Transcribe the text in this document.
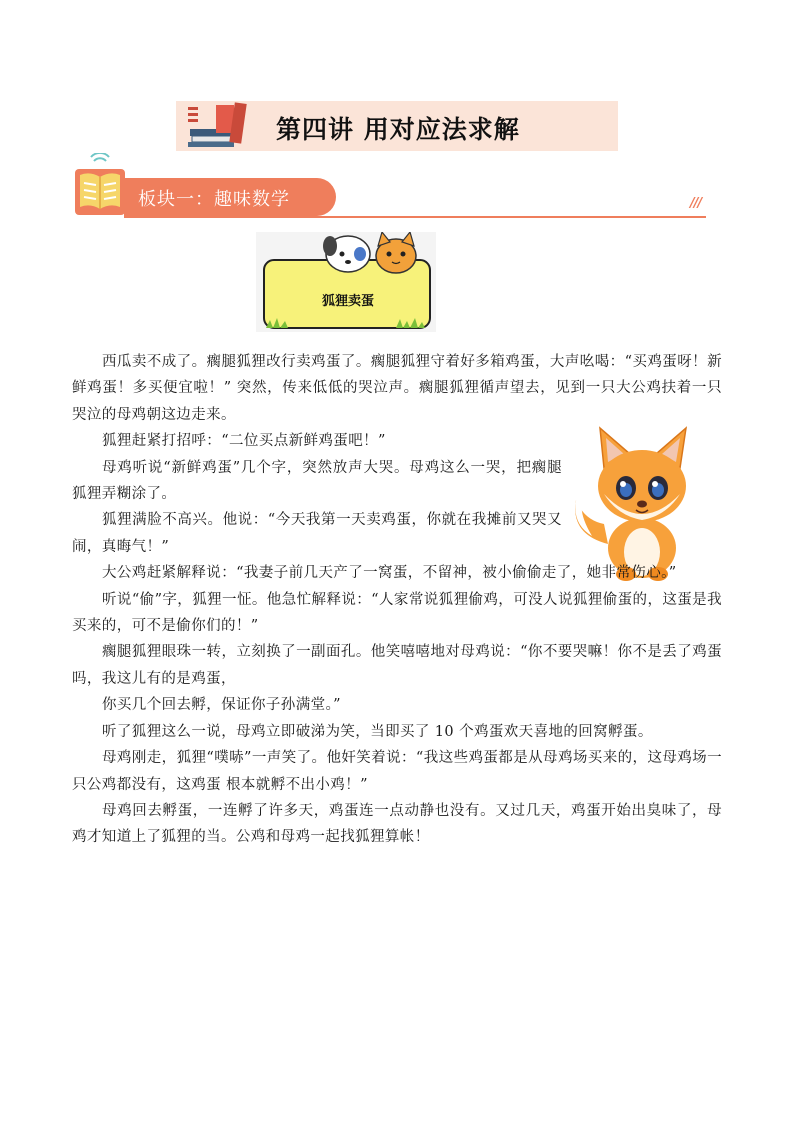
第四讲 用对应法求解
板块一：趣味数学	///
狐狸卖蛋

西瓜卖不成了。瘸腿狐狸改行卖鸡蛋了。瘸腿狐狸守着好多箱鸡蛋，大声吆喝：“买鸡蛋呀！新鲜鸡蛋！多买便宜啦！” 突然，传来低低的哭泣声。瘸腿狐狸循声望去，见到一只大公鸡扶着一只哭泣的母鸡朝这边走来。

狐狸赶紧打招呼：“二位买点新鲜鸡蛋吧！”

母鸡听说“新鲜鸡蛋”几个字，突然放声大哭。母鸡这么一哭，把瘸腿狐狸弄糊涂了。

狐狸满脸不高兴。他说：“今天我第一天卖鸡蛋，你就在我摊前又哭又闹，真晦气！”

大公鸡赶紧解释说：“我妻子前几天产了一窝蛋，不留神，被小偷偷走了，她非常伤心。”

听说“偷”字，狐狸一怔。他急忙解释说：“人家常说狐狸偷鸡，可没人说狐狸偷蛋的，这蛋是我买来的，可不是偷你们的！”

瘸腿狐狸眼珠一转，立刻换了一副面孔。他笑嘻嘻地对母鸡说：“你不要哭嘛！你不是丢了鸡蛋吗，我这儿有的是鸡蛋，

你买几个回去孵，保证你子孙满堂。”

听了狐狸这么一说，母鸡立即破涕为笑，当即买了 10 个鸡蛋欢天喜地的回窝孵蛋。

母鸡刚走，狐狸“噗哧”一声笑了。他奸笑着说：“我这些鸡蛋都是从母鸡场买来的，这母鸡场一只公鸡都没有，这鸡蛋 根本就孵不出小鸡！”

母鸡回去孵蛋，一连孵了许多天，鸡蛋连一点动静也没有。又过几天，鸡蛋开始出臭味了，母鸡才知道上了狐狸的当。公鸡和母鸡一起找狐狸算帐！
